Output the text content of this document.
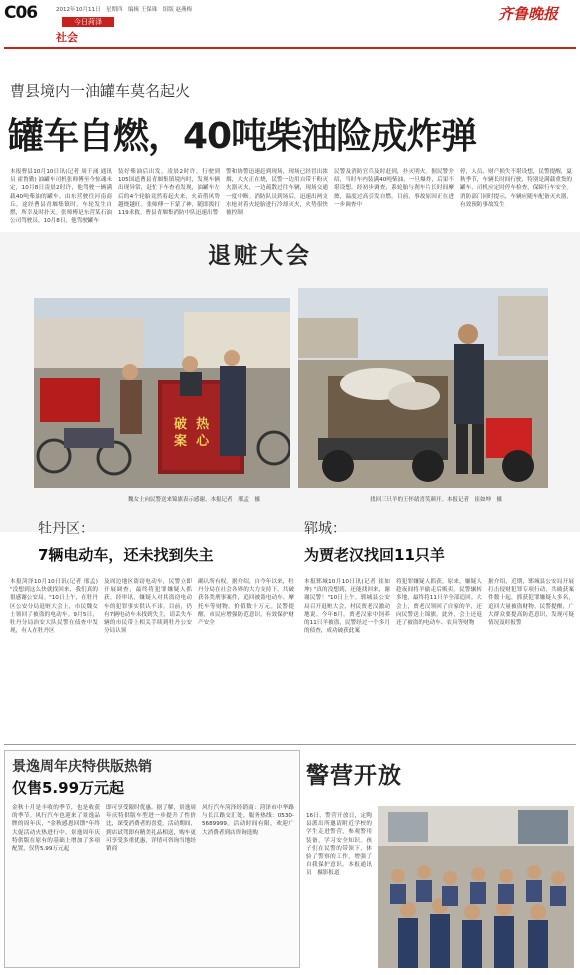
C06	2012年10月11日　星期四　编辑 王保珠　组版 赵燕梅
今日菏泽
社会
齐鲁晚报
曹县境内一油罐车莫名起火
罐车自燃，40吨柴油险成炸弹
本报曹县10月10日讯(记者 周千涌 通讯员 霍鲁勤) 油罐车司机张师傅至今惊魂未定，10月8日凌晨2时许，他驾驶一辆满载40吨柴油的罐车，由东营驶往河南商丘，途经曹县青堌集镇时，车轮发生自燃，所幸及时扑灭。张师傅是东营某石油公司驾驶员，10月8日，他驾驶罐车
装好柴油后出发，凌晨2时许，行驶到105国道曹县青堌集镇境内时，发现车辆出现异常，赶忙下车查看发现，油罐车左后的4个轮胎竟然着起火来，火苗借风势越烧越旺。张师傅一下蒙了神，随即拨打119求救。曹县青堌集消防中队迅速出警
警和协警迅速赶到现场，现场已经冒出浓烟，大火正在烧，民警一边用自带干粉灭火器灭火，一边疏散过往车辆，现场交通一度中断。消防队员到场后，迅速出两支水枪对着火轮胎进行冷却灭火，火势很快被控制
民警及消防官兵及时赶到，扑灭明火。据民警介绍，当时车内装满40吨柴油，一旦爆炸，后果不堪设想。经初步调查，系轮胎与刹车片长时间摩擦，温度过高引发自燃。目前，事故原因正在进一步调查中
停，人员、财产损失不堪设想，民警提醒，夏秋季节，车辆长时间行驶，特别是满载重货的罐车，司机应定时停车检查，保障行车安全。消防部门同时提示，车辆应随车配备灭火器，有效预防事故发生
退赃大会
破 热
案 心
魏女士向民警送来锦旗表示感谢。本报记者　邢孟　摄	找回三只羊的王怀绪喜笑颜开。本报记者　崔如坤　摄
牡丹区：
7辆电动车，还未找到失主
本报菏泽10月10日讯(记者 邢孟) "没想到这么快就找回来，我们真的很感谢公安局。"10日上午，在牡丹区公安分局退赃大会上，市民魏女士领回了被盗的电动车。9月5日，牡丹分局治安大队民警在侦查中发现，有人在牡丹区
及周边地区盗窃电动车，民警立即开展调查，最终将犯罪嫌疑人抓获。经审讯，嫌疑人对其盗窃电动车的犯罪事实供认不讳。目前，仍有7辆电动车未找到失主，请丢失车辆的市民带上相关手续到牡丹公安分局认领
确认所有权。据介绍，自今年以来，牡丹分局在社会各界的大力支持下，共破获各类刑事案件，追回被盗电动车、摩托车等财物，价值数十万元。民警提醒，市民应增强防范意识，有效保护财产安全
郓城：
为贾老汉找回11只羊
本报郓城10月10日讯(记者 崔如坤) "真的没想到，还能找回来，谢谢民警！"10日上午，郓城县公安局召开退赃大会，村民贾老汉激动地说。今年8月，贾老汉家中饲养的11只羊被盗，民警经过一个多月的侦查，成功破获此案
将犯罪嫌疑人抓获。原来，嫌疑人趁夜间将羊偷走后贩卖。民警辗转多地，最终将11只羊全部追回。大会上，贾老汉领回了自家的羊，还向民警送上锦旗。此外，会上还返还了被盗的电动车、农具等财物
据介绍，近期，郓城县公安局开展打击侵财犯罪专项行动，共破获案件数十起，抓获犯罪嫌疑人多名，追回大量被盗财物。民警提醒，广大群众要提高防范意识，发现可疑情况及时报警
景逸周年庆特供版热销
仅售5.99万元起
金秋十月是丰收的季节，也是收获的季节。风行汽车也迎来了景逸品牌的周年庆，"金秋感恩回馈"年终大促活动火热进行中。景逸周年庆特供版在原有的基础上增加了多项配置，仅售5.99万元起
即可享受限时优惠。据了解，景逸周年庆特供版车型进一步提升了性价比，深受消费者的喜爱。活动期间，到店试驾即有精美礼品相送，购车更可享受多重优惠，详情可咨询当地经销商
风行汽车菏泽经销商：菏泽市中华路与长江路交汇处。服务热线：0530-5689999。活动时间有限，欢迎广大消费者到店咨询选购
警营开放
16日，警营开放日，定陶县派出所邀请附近学校的学生走进警营，参观警用装备，学习安全知识。孩子们在民警的带领下，体验了警察的工作，增强了自我保护意识。本报通讯员　摄影报道
